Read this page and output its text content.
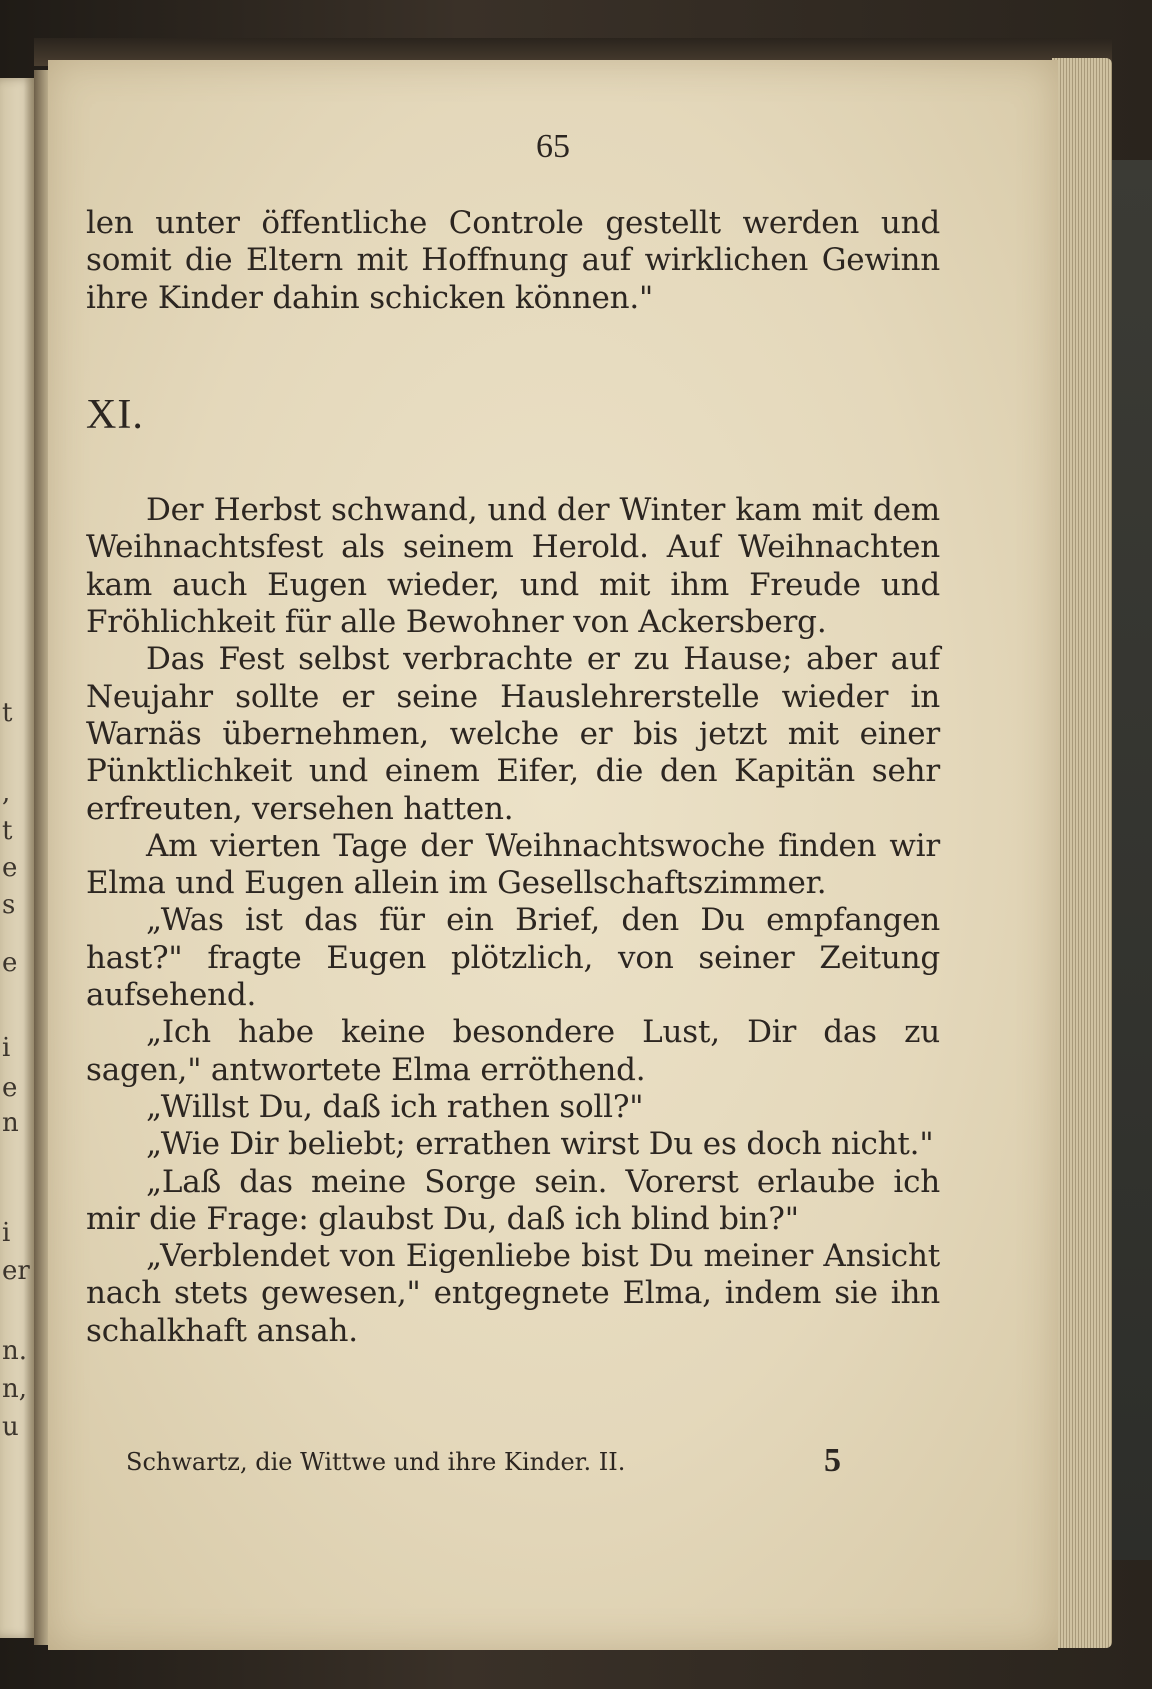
t
,
t
e
s
e
i
e
n
i
er
n.
n,
u
65

len unter öffentliche Controle gestellt werden und somit die Eltern mit Hoffnung auf wirklichen Gewinn ihre Kinder dahin schicken können."

XI.

Der Herbst schwand, und der Winter kam mit dem Weihnachtsfest als seinem Herold. Auf Weihnachten kam auch Eugen wieder, und mit ihm Freude und Fröhlichkeit für alle Bewohner von Ackersberg.

Das Fest selbst verbrachte er zu Hause; aber auf Neujahr sollte er seine Hauslehrerstelle wieder in Warnäs übernehmen, welche er bis jetzt mit einer Pünktlichkeit und einem Eifer, die den Kapitän sehr erfreuten, versehen hatten.

Am vierten Tage der Weihnachtswoche finden wir Elma und Eugen allein im Gesellschaftszimmer.

„Was ist das für ein Brief, den Du empfangen hast?" fragte Eugen plötzlich, von seiner Zeitung aufsehend.

„Ich habe keine besondere Lust, Dir das zu sagen," antwortete Elma erröthend.

„Willst Du, daß ich rathen soll?"

„Wie Dir beliebt; errathen wirst Du es doch nicht."

„Laß das meine Sorge sein. Vorerst erlaube ich mir die Frage: glaubst Du, daß ich blind bin?"

„Verblendet von Eigenliebe bist Du meiner Ansicht nach stets gewesen," entgegnete Elma, indem sie ihn schalkhaft ansah.

Schwartz, die Wittwe und ihre Kinder. II.	5
